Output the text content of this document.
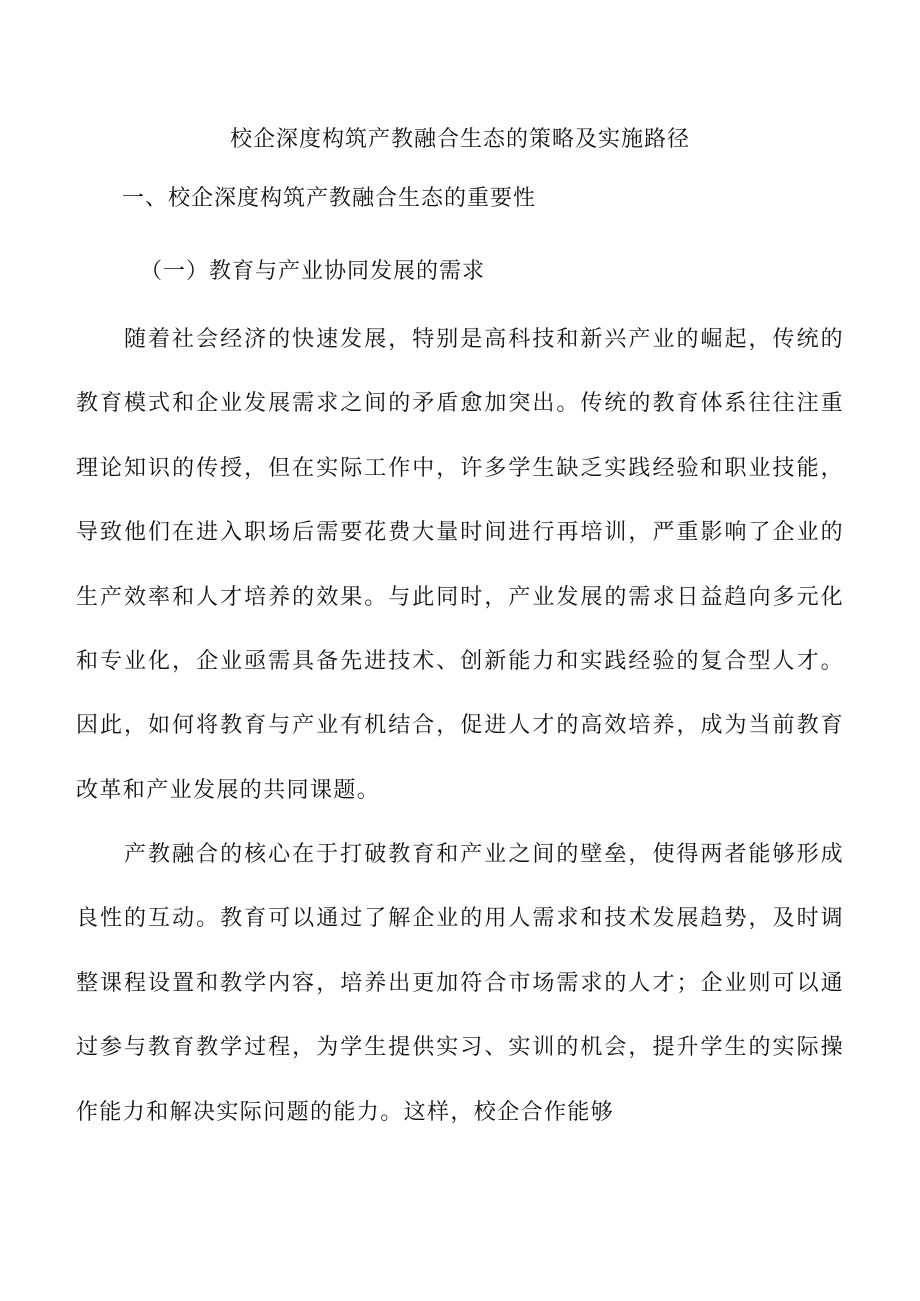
校企深度构筑产教融合生态的策略及实施路径
一、校企深度构筑产教融合生态的重要性
（一）教育与产业协同发展的需求

随着社会经济的快速发展，特别是高科技和新兴产业的崛起，传统的教育模式和企业发展需求之间的矛盾愈加突出。传统的教育体系往往注重理论知识的传授，但在实际工作中，许多学生缺乏实践经验和职业技能，导致他们在进入职场后需要花费大量时间进行再培训，严重影响了企业的生产效率和人才培养的效果。与此同时，产业发展的需求日益趋向多元化和专业化，企业亟需具备先进技术、创新能力和实践经验的复合型人才。因此，如何将教育与产业有机结合，促进人才的高效培养，成为当前教育改革和产业发展的共同课题。

产教融合的核心在于打破教育和产业之间的壁垒，使得两者能够形成良性的互动。教育可以通过了解企业的用人需求和技术发展趋势，及时调整课程设置和教学内容，培养出更加符合市场需求的人才；企业则可以通过参与教育教学过程，为学生提供实习、实训的机会，提升学生的实际操作能力和解决实际问题的能力。这样，校企合作能够
